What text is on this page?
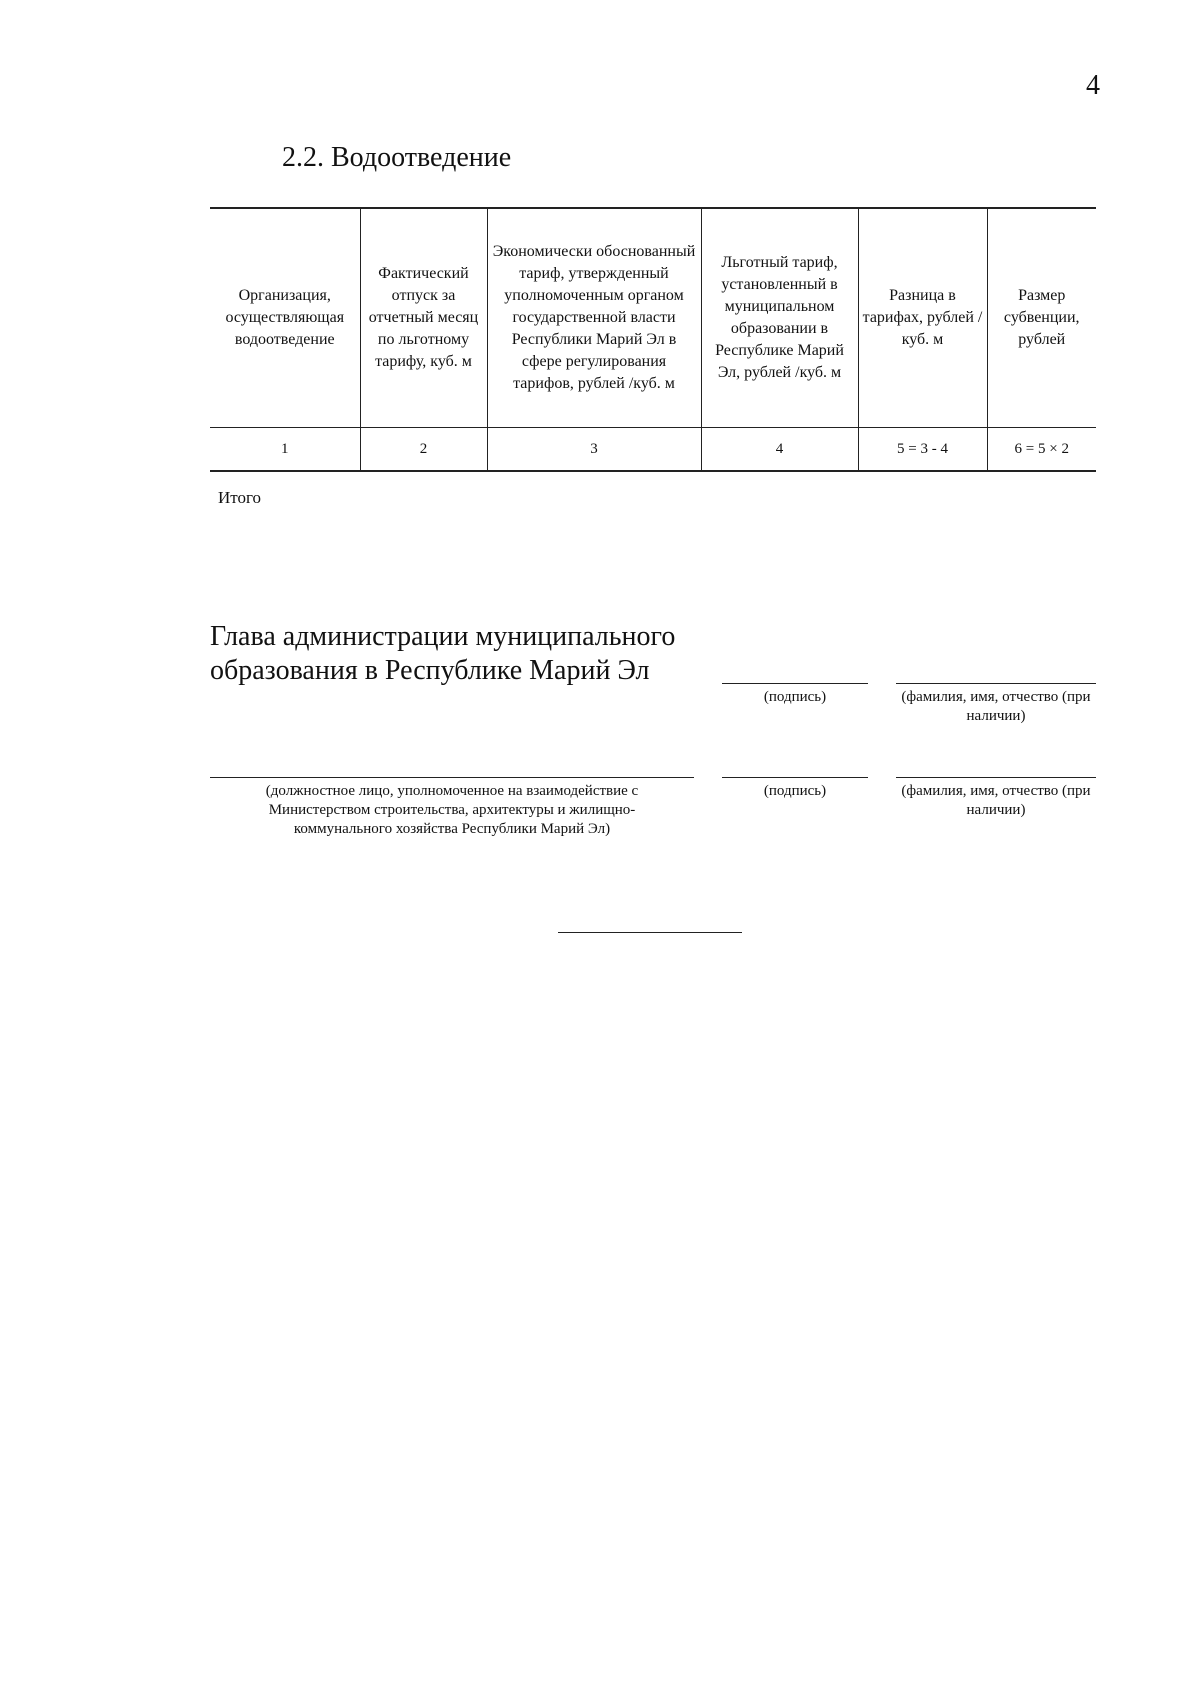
4
2.2. Водоотведение
Организация, осуществляющая водоотведение	Фактический отпуск за отчетный месяц по льготному тарифу, куб. м	Экономически обоснованный тариф, утвержденный уполномоченным органом государственной власти Республики Марий Эл в сфере регулирования тарифов, рублей /куб. м	Льготный тариф, установленный в муниципальном образовании в Республике Марий Эл, рублей /куб. м	Разница в тарифах, рублей /куб. м	Размер субвенции, рублей
1	2	3	4	5 = 3 - 4	6 = 5 × 2
Итого
Глава администрации муниципального образования в Республике Марий Эл
(подпись)	(фамилия, имя, отчество (при наличии)
(должностное лицо, уполномоченное на взаимодействие с Министерством строительства, архитектуры и жилищно-коммунального хозяйства Республики Марий Эл)
(подпись)	(фамилия, имя, отчество (при наличии)
